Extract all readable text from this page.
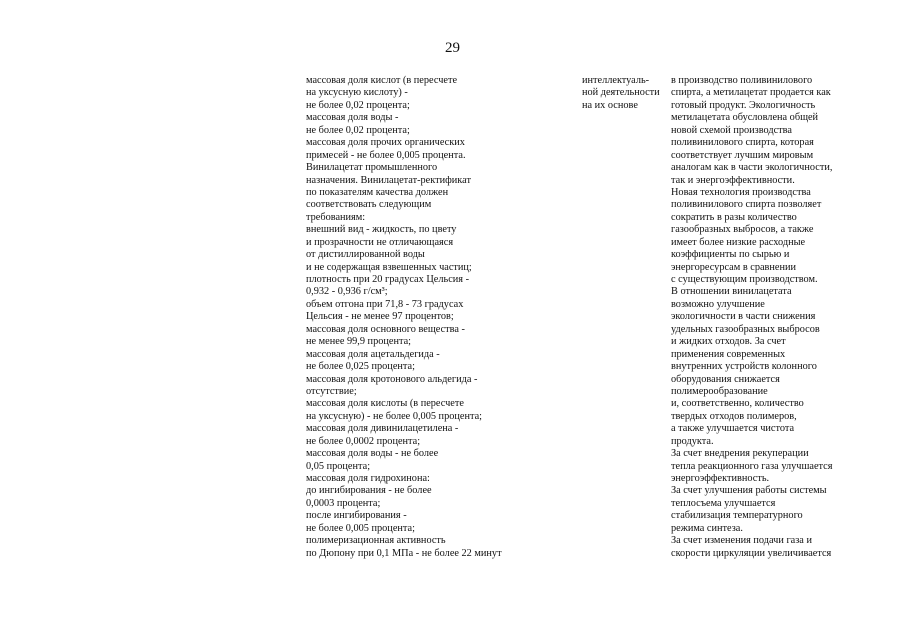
29
массовая доля кислот (в пересчете
на уксусную кислоту) -
не более 0,02 процента;
массовая доля воды -
не более 0,02 процента;
массовая доля прочих органических
примесей - не более 0,005 процента.
Винилацетат промышленного
назначения. Винилацетат-ректификат
по показателям качества должен
соответствовать следующим
требованиям:
внешний вид - жидкость, по цвету
и прозрачности не отличающаяся
от дистиллированной воды
и не содержащая взвешенных частиц;
плотность при 20 градусах Цельсия -
0,932 - 0,936 г/см³;
объем отгона при 71,8 - 73 градусах
Цельсия - не менее 97 процентов;
массовая доля основного вещества -
не менее 99,9 процента;
массовая доля ацетальдегида -
не более 0,025 процента;
массовая доля кротонового альдегида -
отсутствие;
массовая доля кислоты (в пересчете
на уксусную) - не более 0,005 процента;
массовая доля дивинилацетилена -
не более 0,0002 процента;
массовая доля воды - не более
0,05 процента;
массовая доля гидрохинона:
до ингибирования - не более
0,0003 процента;
после ингибирования -
не более 0,005 процента;
полимеризационная активность
по Дюпону при 0,1 МПа - не более 22 минут
интеллектуаль-
ной деятельности
на их основе
в производство поливинилового
спирта, а метилацетат продается как
готовый продукт. Экологичность
метилацетата обусловлена общей
новой схемой производства
поливинилового спирта, которая
соответствует лучшим мировым
аналогам как в части экологичности,
так и энергоэффективности.
Новая технология производства
поливинилового спирта позволяет
сократить в разы количество
газообразных выбросов, а также
имеет более низкие расходные
коэффициенты по сырью и
энергоресурсам в сравнении
с существующим производством.
В отношении винилацетата
возможно улучшение
экологичности в части снижения
удельных газообразных выбросов
и жидких отходов. За счет
применения современных
внутренних устройств колонного
оборудования снижается
полимерообразование
и, соответственно, количество
твердых отходов полимеров,
а также улучшается чистота
продукта.
За счет внедрения рекуперации
тепла реакционного газа улучшается
энергоэффективность.
За счет улучшения работы системы
теплосъема улучшается
стабилизация температурного
режима синтеза.
За счет изменения подачи газа и
скорости циркуляции увеличивается
